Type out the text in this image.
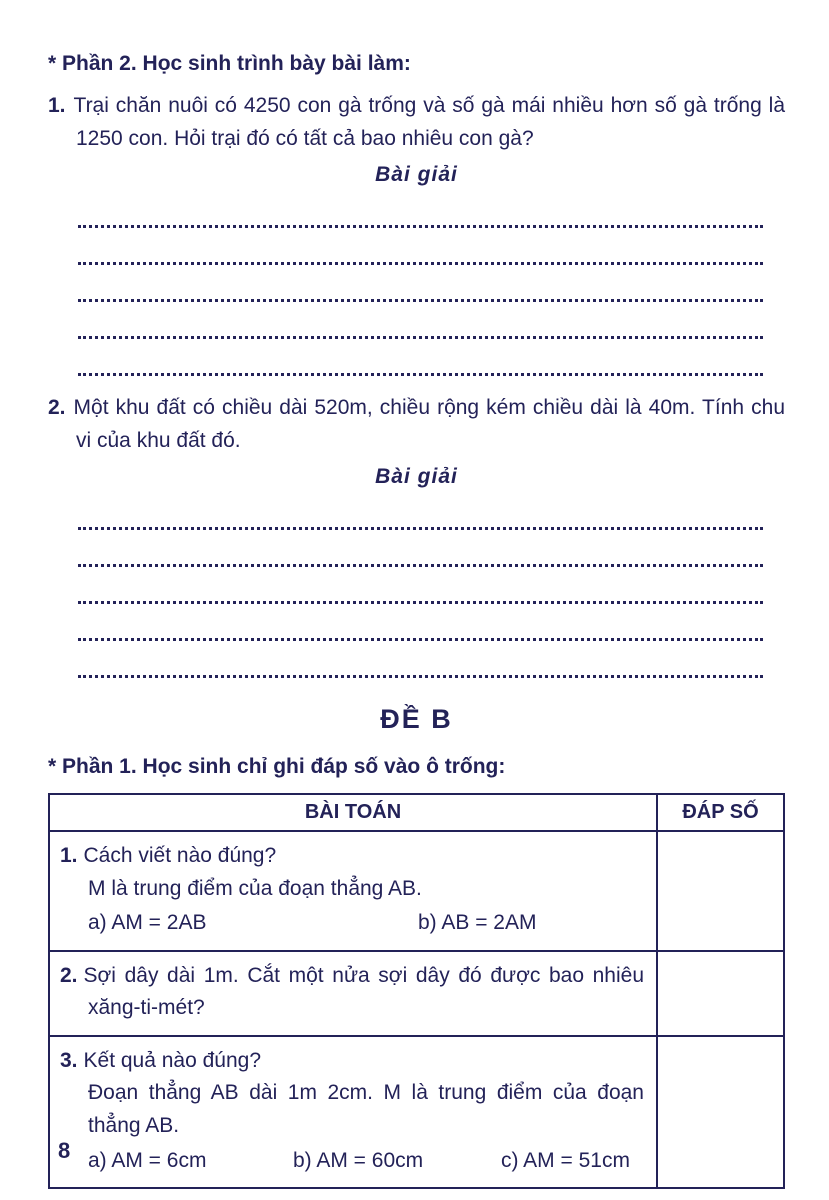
* Phần 2. Học sinh trình bày bài làm:

1. Trại chăn nuôi có 4250 con gà trống và số gà mái nhiều hơn số gà trống là 1250 con. Hỏi trại đó có tất cả bao nhiêu con gà?

Bài giải

2. Một khu đất có chiều dài 520m, chiều rộng kém chiều dài là 40m. Tính chu vi của khu đất đó.

Bài giải

ĐỀ B
* Phần 1. Học sinh chỉ ghi đáp số vào ô trống:
BÀI TOÁN	ĐÁP SỐ

1. Cách viết nào đúng?
M là trung điểm của đoạn thẳng AB.
a) AM = 2AB b) AB = 2AM	

2. Sợi dây dài 1m. Cắt một nửa sợi dây đó được bao nhiêu xăng-ti-mét?	

3. Kết quả nào đúng?
Đoạn thẳng AB dài 1m 2cm. M là trung điểm của đoạn thẳng AB.
a) AM = 6cm b) AM = 60cm c) AM = 51cm	

8
